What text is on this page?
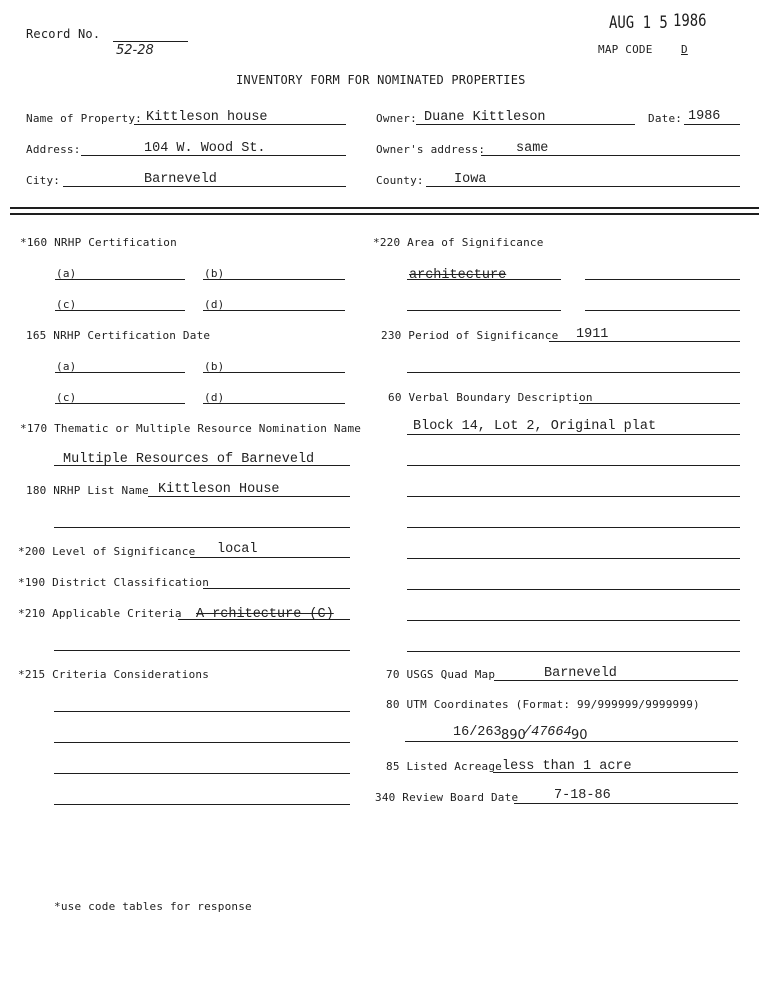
Record No.
52-28
AUG 1 5 1986
MAP CODE	D
INVENTORY FORM FOR NOMINATED PROPERTIES
Name of Property: Kittleson house	Owner: Duane Kittleson	Date: 1986
Address:	104 W. Wood St.	Owner's address: same
City:	Barneveld	County: Iowa
*160 NRHP Certification
(a)	(b)
(c)	(d)
165 NRHP Certification Date
(a)	(b)
(c)	(d)
*170 Thematic or Multiple Resource Nomination Name
Multiple Resources of Barneveld
180 NRHP List Name Kittleson House
*200 Level of Significance local
*190 District Classification
*210 Applicable Criteria A rchitecture (C)
*215 Criteria Considerations
*220 Area of Significance
architecture
230 Period of Significance 1911
60 Verbal Boundary Description
Block 14, Lot 2, Original plat
70 USGS Quad Map	Barneveld
80 UTM Coordinates (Format: 99/999999/9999999)
16/263 890
/47664 90
85 Listed Acreage less than 1 acre
340 Review Board Date	7-18-86
*use code tables for response
